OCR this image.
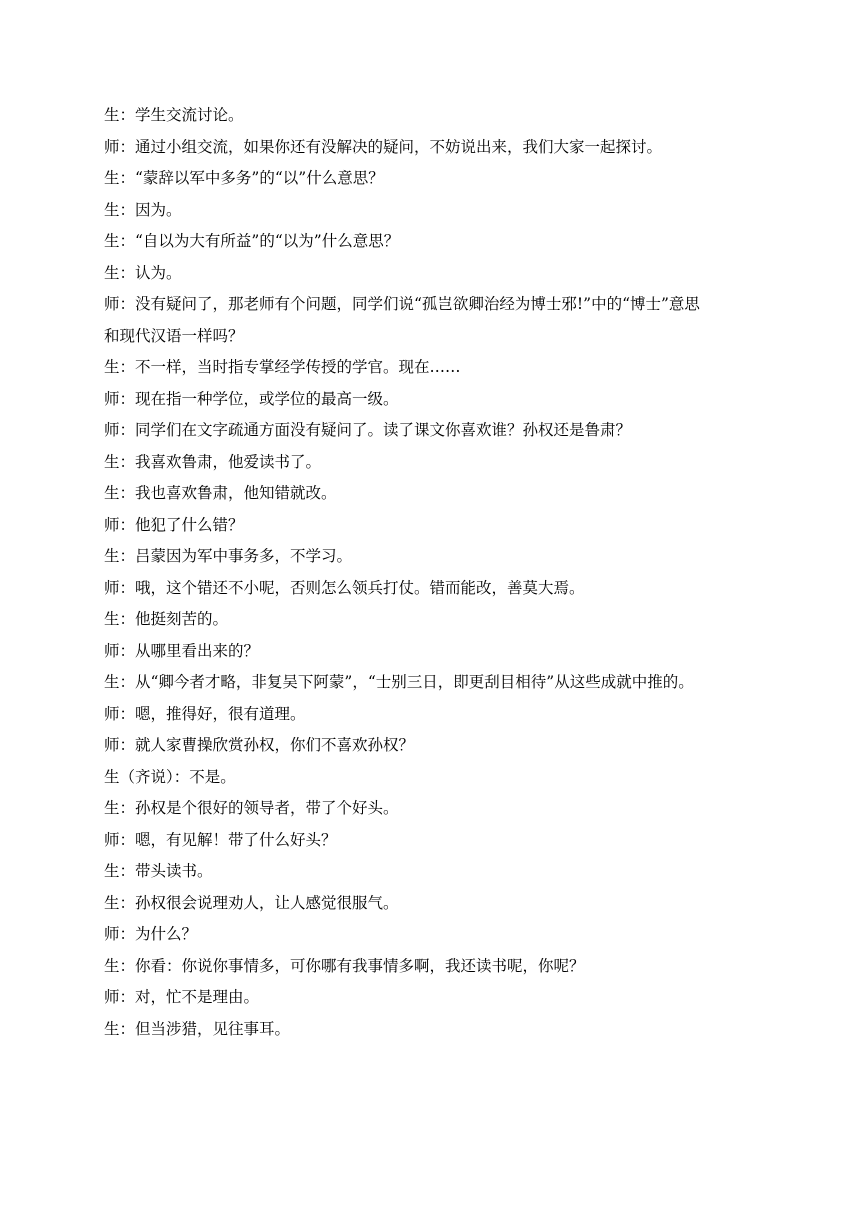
生：学生交流讨论。
师：通过小组交流，如果你还有没解决的疑问，不妨说出来，我们大家一起探讨。
生：“蒙辞以军中多务”的“以”什么意思？
生：因为。
生：“自以为大有所益”的“以为”什么意思？
生：认为。
师：没有疑问了，那老师有个问题，同学们说“孤岂欲卿治经为博士邪!”中的“博士”意思
和现代汉语一样吗？
生：不一样，当时指专掌经学传授的学官。现在……
师：现在指一种学位，或学位的最高一级。
师：同学们在文字疏通方面没有疑问了。读了课文你喜欢谁？孙权还是鲁肃？
生：我喜欢鲁肃，他爱读书了。
生：我也喜欢鲁肃，他知错就改。
师：他犯了什么错？
生：吕蒙因为军中事务多，不学习。
师：哦，这个错还不小呢，否则怎么领兵打仗。错而能改，善莫大焉。
生：他挺刻苦的。
师：从哪里看出来的？
生：从“卿今者才略，非复吴下阿蒙”，“士别三日，即更刮目相待”从这些成就中推的。
师：嗯，推得好，很有道理。
师：就人家曹操欣赏孙权，你们不喜欢孙权？
生（齐说）：不是。
生：孙权是个很好的领导者，带了个好头。
师：嗯，有见解！带了什么好头？
生：带头读书。
生：孙权很会说理劝人，让人感觉很服气。
师：为什么？
生：你看：你说你事情多，可你哪有我事情多啊，我还读书呢，你呢？
师：对，忙不是理由。
生：但当涉猎，见往事耳。
